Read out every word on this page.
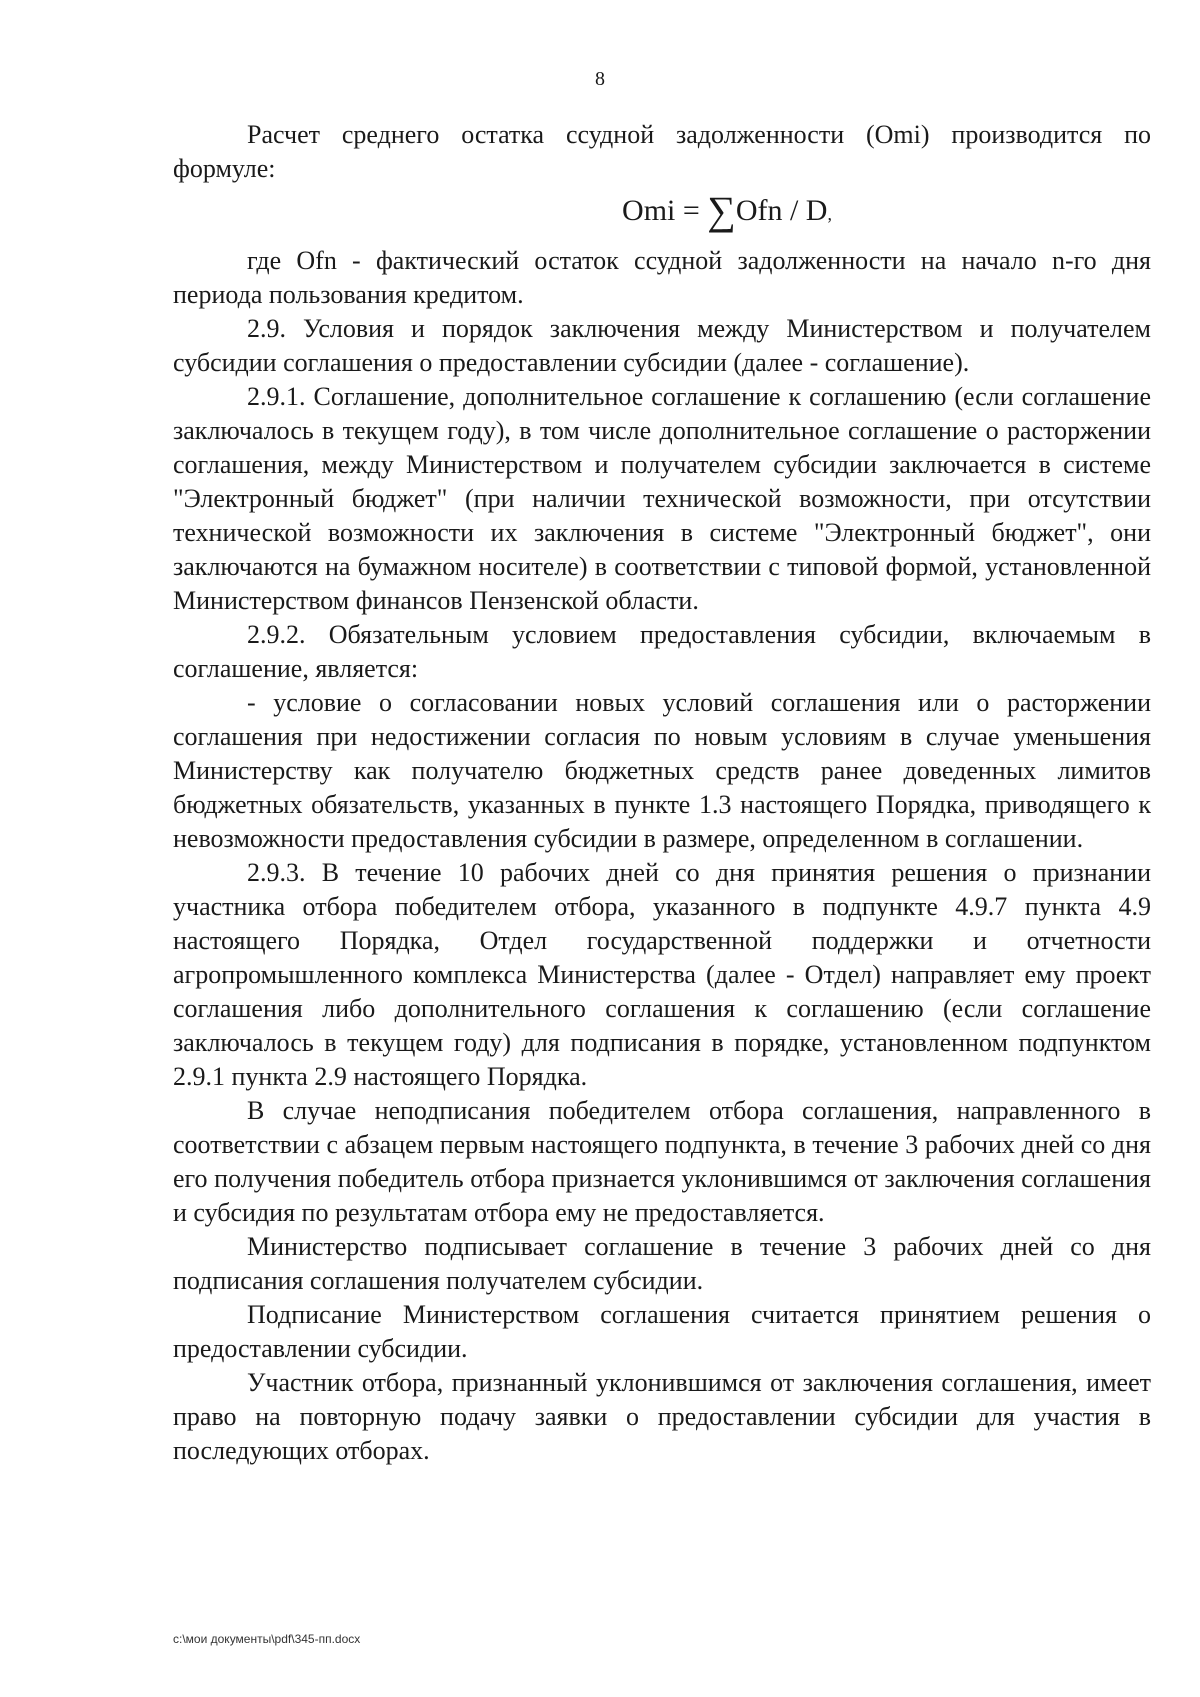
8

Расчет среднего остатка ссудной задолженности (Omi) производится по формуле:

Omi = ∑Ofn / D,

где Ofn - фактический остаток ссудной задолженности на начало n-го дня периода пользования кредитом.

2.9. Условия и порядок заключения между Министерством и получателем субсидии соглашения о предоставлении субсидии (далее - соглашение).

2.9.1. Соглашение, дополнительное соглашение к соглашению (если соглашение заключалось в текущем году), в том числе дополнительное соглашение о расторжении соглашения, между Министерством и получателем субсидии заключается в системе "Электронный бюджет" (при наличии технической возможности, при отсутствии технической возможности их заключения в системе "Электронный бюджет", они заключаются на бумажном носителе) в соответствии с типовой формой, установленной Министерством финансов Пензенской области.

2.9.2. Обязательным условием предоставления субсидии, включаемым в соглашение, является:

- условие о согласовании новых условий соглашения или о расторжении соглашения при недостижении согласия по новым условиям в случае уменьшения Министерству как получателю бюджетных средств ранее доведенных лимитов бюджетных обязательств, указанных в пункте 1.3 настоящего Порядка, приводящего к невозможности предоставления субсидии в размере, определенном в соглашении.

2.9.3. В течение 10 рабочих дней со дня принятия решения о признании участника отбора победителем отбора, указанного в подпункте 4.9.7 пункта 4.9 настоящего Порядка, Отдел государственной поддержки и отчетности агропромышленного комплекса Министерства (далее - Отдел) направляет ему проект соглашения либо дополнительного соглашения к соглашению (если соглашение заключалось в текущем году) для подписания в порядке, установленном подпунктом 2.9.1 пункта 2.9 настоящего Порядка.

В случае неподписания победителем отбора соглашения, направленного в соответствии с абзацем первым настоящего подпункта, в течение 3 рабочих дней со дня его получения победитель отбора признается уклонившимся от заключения соглашения и субсидия по результатам отбора ему не предоставляется.

Министерство подписывает соглашение в течение 3 рабочих дней со дня подписания соглашения получателем субсидии.

Подписание Министерством соглашения считается принятием решения о предоставлении субсидии.

Участник отбора, признанный уклонившимся от заключения соглашения, имеет право на повторную подачу заявки о предоставлении субсидии для участия в последующих отборах.

c:\мои документы\pdf\345-пп.docx
